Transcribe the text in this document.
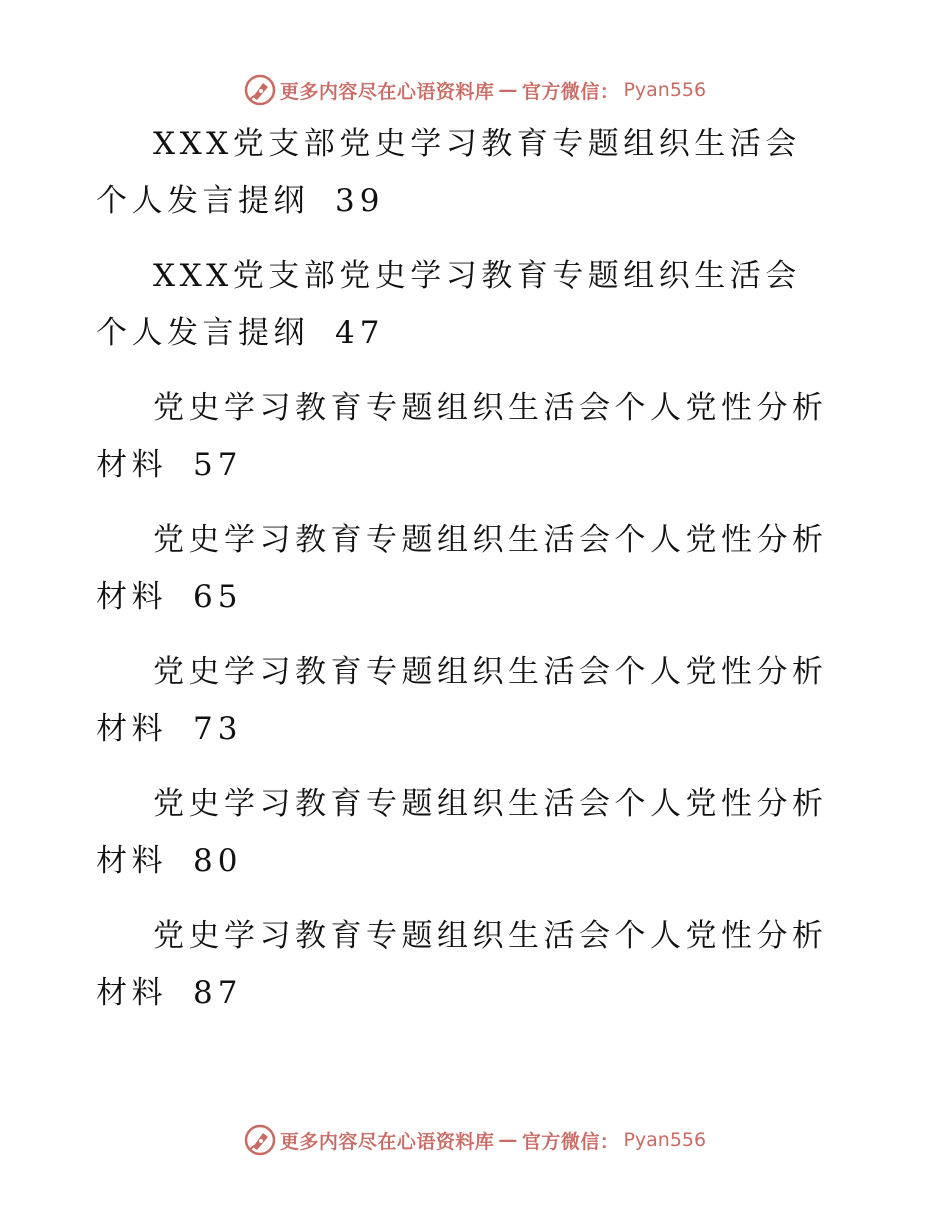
更多内容尽在心语资料库 — 官方微信： Pyan556

XXX党支部党史学习教育专题组织生活会个人发言提纲 39

XXX党支部党史学习教育专题组织生活会个人发言提纲 47

党史学习教育专题组织生活会个人党性分析材料 57

党史学习教育专题组织生活会个人党性分析材料 65

党史学习教育专题组织生活会个人党性分析材料 73

党史学习教育专题组织生活会个人党性分析材料 80

党史学习教育专题组织生活会个人党性分析材料 87

更多内容尽在心语资料库 — 官方微信： Pyan556
